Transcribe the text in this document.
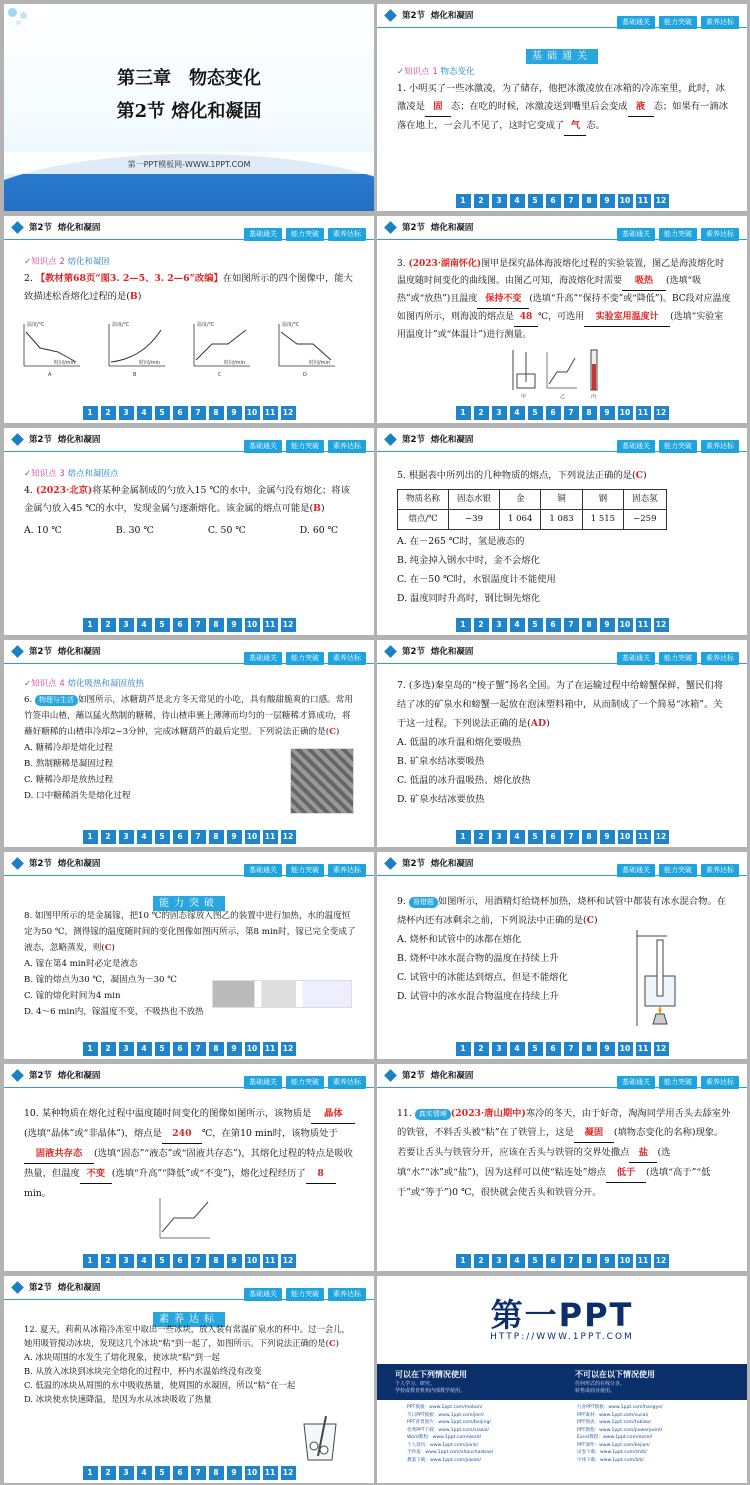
第三章　物态变化
第2节 熔化和凝固
第一PPT模板网-WWW.1PPT.COM
第2节 熔化和凝固
基础通关 能力突破 素养达标
基础通关
✓知识点 1 物态变化
1. 小明买了一些冰激凌，为了储存，他把冰激凌放在冰箱的冷冻室里，此时，冰激凌是 固 态；在吃的时候，冰激凌送到嘴里后会变成 液 态；如果有一滴冰落在地上，一会儿不见了，这时它变成了 气 态。
1 2 3 4 5 6 7 8 9 10 11 12
第2节 熔化和凝固
基础通关 能力突破 素养达标
✓知识点 2 熔化和凝固
2. 【教材第68页“图3. 2—5、3. 2—6”改编】在如图所示的四个图像中，能大致描述松香熔化过程的是(B)
温度/℃
时间/min
A
温度/℃
时间/min
B
温度/℃
时间/min
C
温度/℃
时间/min
D
1 2 3 4 5 6 7 8 9 10 11 12
第2节 熔化和凝固
基础通关 能力突破 素养达标
3. (2023·湖南怀化)图甲是探究晶体海波熔化过程的实验装置，图乙是海波熔化时温度随时间变化的曲线图。由图乙可知，海波熔化时需要 吸热 (选填“吸热”或“放热”)且温度 保持不变 (选填“升高”“保持不变”或“降低”)。BC段对应温度如图丙所示，则海波的熔点是 48 ℃，可选用 实验室用温度计 (选填“实验室用温度计”或“体温计”)进行测量。
甲	乙	丙
1 2 3 4 5 6 7 8 9 10 11 12
第2节 熔化和凝固
基础通关 能力突破 素养达标
✓知识点 3 熔点和凝固点
4. (2023·北京)将某种金属制成的勺放入15 ℃的水中，金属勺没有熔化；将该金属勺放入45 ℃的水中，发现金属勺逐渐熔化。该金属的熔点可能是(B)
A. 10 ℃	B. 30 ℃	C. 50 ℃	D. 60 ℃
1 2 3 4 5 6 7 8 9 10 11 12
第2节 熔化和凝固
基础通关 能力突破 素养达标
5. 根据表中所列出的几种物质的熔点，下列说法正确的是(C)
物质名称	固态水银	金	铜	钢	固态氢
熔点/℃	−39	1 064	1 083	1 515	−259
A. 在－265 ℃时，氢是液态的
B. 纯金掉入钢水中时，金不会熔化
C. 在－50 ℃时，水银温度计不能使用
D. 温度同时升高时，钢比铜先熔化
1 2 3 4 5 6 7 8 9 10 11 12
第2节 熔化和凝固
基础通关 能力突破 素养达标
✓知识点 4 熔化吸热和凝固放热
6. 物理与生活 如图所示，冰糖葫芦是北方冬天常见的小吃，具有酸甜脆爽的口感。常用竹签串山楂，蘸以猛火熬制的糖稀，待山楂串裹上薄薄而均匀的一层糖稀才算成功，将蘸好糖稀的山楂串冷却2~3分钟，完成冰糖葫芦的最后定型。下列说法正确的是(C)
A. 糖稀冷却是熔化过程
B. 熬制糖稀是凝固过程
C. 糖稀冷却是放热过程
D. 口中糖稀消失是熔化过程
1 2 3 4 5 6 7 8 9 10 11 12
第2节 熔化和凝固
基础通关 能力突破 素养达标
7. (多选)秦皇岛的“梭子蟹”扬名全国。为了在运输过程中给螃蟹保鲜，蟹民们将结了冰的矿泉水和螃蟹一起放在泡沫塑料箱中，从而制成了一个简易“冰箱”。关于这一过程，下列说法正确的是(AD)
A. 低温的冰升温和熔化要吸热
B. 矿泉水结冰要吸热
C. 低温的冰升温吸热、熔化放热
D. 矿泉水结冰要放热
1 2 3 4 5 6 7 8 9 10 11 12
第2节 熔化和凝固
基础通关 能力突破 素养达标
能力突破
8. 如图甲所示的是金属镓，把10 ℃的固态镓放入图乙的装置中进行加热，水的温度恒定为50 ℃，测得镓的温度随时间的变化图像如图丙所示，第8 min时，镓已完全变成了液态，忽略蒸发，则(C)
A. 镓在第4 min时必定是液态
B. 镓的熔点为30 ℃，凝固点为－30 ℃
C. 镓的熔化时间为4 min
D. 4～6 min内，镓温度不变，不吸热也不放热
1 2 3 4 5 6 7 8 9 10 11 12
第2节 熔化和凝固
基础通关 能力突破 素养达标
9. 易错题 如图所示，用酒精灯给烧杯加热，烧杯和试管中都装有冰水混合物。在烧杯内还有冰剩余之前，下列说法中正确的是(C)
A. 烧杯和试管中的冰都在熔化
B. 烧杯中冰水混合物的温度在持续上升
C. 试管中的冰能达到熔点，但是不能熔化
D. 试管中的冰水混合物温度在持续上升
1 2 3 4 5 6 7 8 9 10 11 12
第2节 熔化和凝固
基础通关 能力突破 素养达标
10. 某种物质在熔化过程中温度随时间变化的图像如图所示，该物质是 晶体(选填“晶体”或“非晶体”)，熔点是 240 ℃，在第10 min时，该物质处于固液共存态 (选填“固态”“液态”或“固液共存态”)，其熔化过程的特点是吸收热量，但温度 不变 (选填“升高”“降低”或“不变”)，熔化过程经历了 8min。
1 2 3 4 5 6 7 8 9 10 11 12
第2节 熔化和凝固
基础通关 能力突破 素养达标
11. 真实情境 (2023·唐山期中)寒冷的冬天，由于好奇，淘淘同学用舌头去舔室外的铁管，不料舌头被“粘”在了铁管上，这是 凝固 (填物态变化的名称)现象。若要让舌头与铁管分开，应该在舌头与铁管的交界处撒点 盐 (选填“水”“冰”或“盐”)，因为这样可以使“粘连处”熔点 低于 (选填“高于”“低于”或“等于”)0 ℃，很快就会使舌头和铁管分开。
1 2 3 4 5 6 7 8 9 10 11 12
第2节 熔化和凝固
基础通关 能力突破 素养达标
素养达标
12. 夏天，莉莉从冰箱冷冻室中取出一些冰块，放入装有常温矿泉水的杯中。过一会儿，她用吸管搅动冰块，发现这几个冰块“粘”到一起了，如图所示。下列说法正确的是(C)
A. 冰块周围的水发生了熔化现象，使冰块“粘”到一起
B. 从放入冰块到冰块完全熔化的过程中，杯内水温始终没有改变
C. 低温的冰块从周围的水中吸收热量，使周围的水凝固，所以“粘”在一起
D. 冰块使水快速降温，是因为水从冰块吸收了热量
1 2 3 4 5 6 7 8 9 10 11 12
第一PPT
HTTP://WWW.1PPT.COM
可以在下列情况使用
个人学习、研究。
学校或教育机构内部教学使用。
不可以在以下情况使用
任何形式的在线分享。
转售或商业使用。
PPT模板：www.1ppt.com/moban/
节日PPT模板：www.1ppt.com/jieri/
PPT背景图片：www.1ppt.com/beijing/
优秀PPT下载：www.1ppt.com/xiazai/
Word教程：www.1ppt.com/word/
个人简历：www.1ppt.com/jianli/
手抄报：www.1ppt.com/shouchaobao/
教案下载：www.1ppt.com/jiaoan/
行业PPT模板：www.1ppt.com/hangye/
PPT素材：www.1ppt.com/sucai/
PPT图表：www.1ppt.com/tubiao/
PPT教程：www.1ppt.com/powerpoint/
Excel教程：www.1ppt.com/excel/
PPT课件：www.1ppt.com/kejian/
试卷下载：www.1ppt.com/shiti/
字体下载：www.1ppt.com/ziti/
